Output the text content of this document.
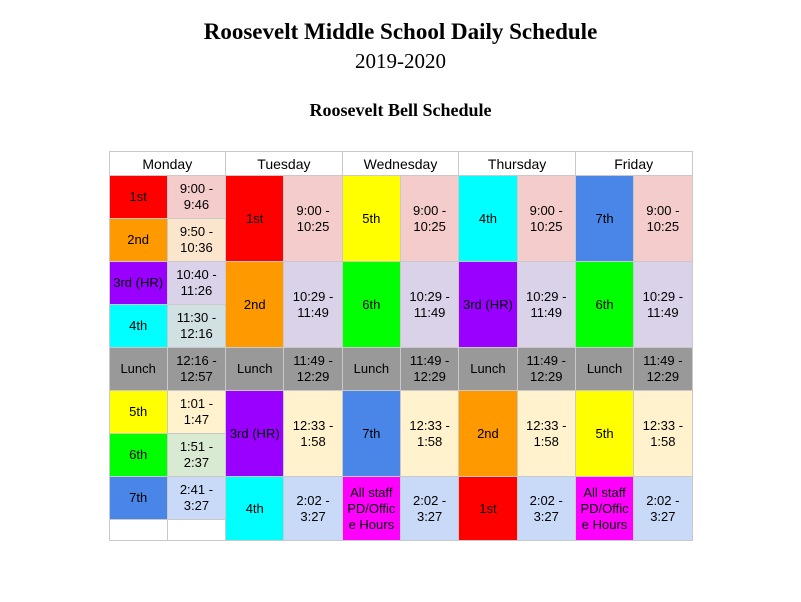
Roosevelt Middle School Daily Schedule
2019-2020
Roosevelt Bell Schedule
Monday		Tuesday		Wednesday		Thursday		Friday	
1st	9:00 - 9:46	1st	9:00 - 10:25	5th	9:00 - 10:25	4th	9:00 - 10:25	7th	9:00 - 10:25
2nd	9:50 - 10:36								
3rd (HR)	10:40 - 11:26	2nd	10:29 - 11:49	6th	10:29 - 11:49	3rd (HR)	10:29 - 11:49	6th	10:29 - 11:49
4th	11:30 - 12:16								
Lunch	12:16 - 12:57	Lunch	11:49 - 12:29	Lunch	11:49 - 12:29	Lunch	11:49 - 12:29	Lunch	11:49 - 12:29
5th	1:01 - 1:47	3rd (HR)	12:33 - 1:58	7th	12:33 - 1:58	2nd	12:33 - 1:58	5th	12:33 - 1:58
6th	1:51 - 2:37								
7th	2:41 - 3:27	4th	2:02 - 3:27	All staff PD/Office Hours	2:02 - 3:27	1st	2:02 - 3:27	All staff PD/Office Hours	2:02 - 3:27
